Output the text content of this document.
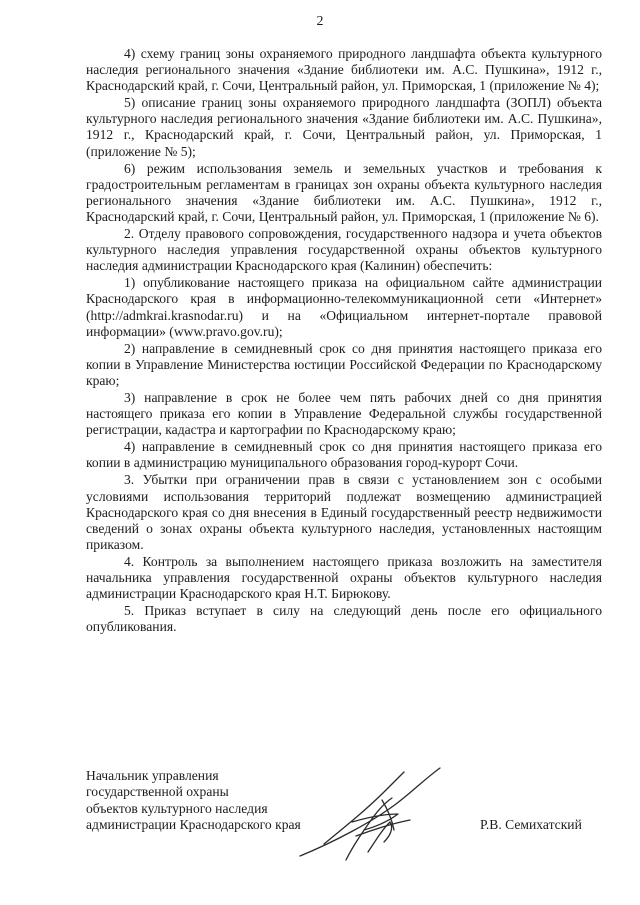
2

4) схему границ зоны охраняемого природного ландшафта объекта культурного наследия регионального значения «Здание библиотеки им. А.С. Пушкина», 1912 г., Краснодарский край, г. Сочи, Центральный район, ул. Приморская, 1 (приложение № 4);

5) описание границ зоны охраняемого природного ландшафта (ЗОПЛ) объекта культурного наследия регионального значения «Здание библиотеки им. А.С. Пушкина», 1912 г., Краснодарский край, г. Сочи, Центральный район, ул. Приморская, 1 (приложение № 5);

6) режим использования земель и земельных участков и требования к градостроительным регламентам в границах зон охраны объекта культурного наследия регионального значения «Здание библиотеки им. А.С. Пушкина», 1912 г., Краснодарский край, г. Сочи, Центральный район, ул. Приморская, 1 (приложение № 6).

2. Отделу правового сопровождения, государственного надзора и учета объектов культурного наследия управления государственной охраны объектов культурного наследия администрации Краснодарского края (Калинин) обеспечить:

1) опубликование настоящего приказа на официальном сайте администрации Краснодарского края в информационно-телекоммуникационной сети «Интернет» (http://admkrai.krasnodar.ru) и на «Официальном интернет-портале правовой информации» (www.pravo.gov.ru);

2) направление в семидневный срок со дня принятия настоящего приказа его копии в Управление Министерства юстиции Российской Федерации по Краснодарскому краю;

3) направление в срок не более чем пять рабочих дней со дня принятия настоящего приказа его копии в Управление Федеральной службы государственной регистрации, кадастра и картографии по Краснодарскому краю;

4) направление в семидневный срок со дня принятия настоящего приказа его копии в администрацию муниципального образования город-курорт Сочи.

3. Убытки при ограничении прав в связи с установлением зон с особыми условиями использования территорий подлежат возмещению администрацией Краснодарского края со дня внесения в Единый государственный реестр недвижимости сведений о зонах охраны объекта культурного наследия, установленных настоящим приказом.

4. Контроль за выполнением настоящего приказа возложить на заместителя начальника управления государственной охраны объектов культурного наследия администрации Краснодарского края Н.Т. Бирюкову.

5. Приказ вступает в силу на следующий день после его официального опубликования.

Начальник управления
государственной охраны
объектов культурного наследия
администрации Краснодарского края	Р.В. Семихатский
